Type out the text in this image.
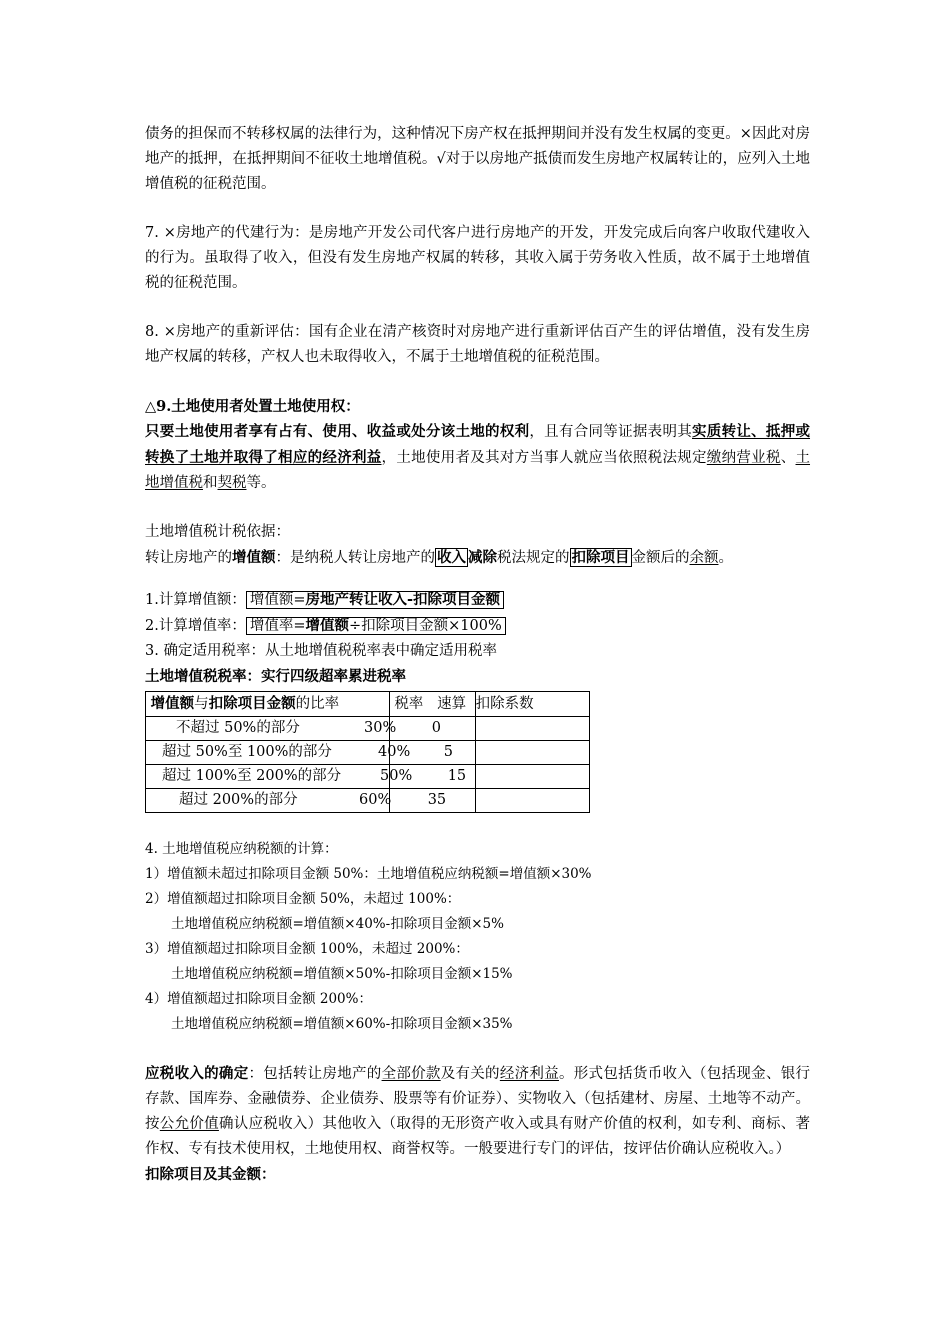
债务的担保而不转移权属的法律行为，这种情况下房产权在抵押期间并没有发生权属的变更。×因此对房地产的抵押，在抵押期间不征收土地增值税。√对于以房地产抵债而发生房地产权属转让的，应列入土地增值税的征税范围。

7. ×房地产的代建行为：是房地产开发公司代客户进行房地产的开发，开发完成后向客户收取代建收入的行为。虽取得了收入，但没有发生房地产权属的转移，其收入属于劳务收入性质，故不属于土地增值税的征税范围。

8. ×房地产的重新评估：国有企业在清产核资时对房地产进行重新评估百产生的评估增值，没有发生房地产权属的转移，产权人也未取得收入，不属于土地增值税的征税范围。

△9.土地使用者处置土地使用权：

只要土地使用者享有占有、使用、收益或处分该土地的权利，且有合同等证据表明其实质转让、抵押或转换了土地并取得了相应的经济利益，土地使用者及其对方当事人就应当依照税法规定缴纳营业税、土地增值税和契税等。

土地增值税计税依据：

转让房地产的增值额：是纳税人转让房地产的 收入 减除税法规定的 扣除项目 金额后的余额。

1.计算增值额： 增值额=房地产转让收入-扣除项目金额

2.计算增值率： 增值率=增值额÷扣除项目金额×100%

3. 确定适用税率：从土地增值税税率表中确定适用税率

土地增值税税率：实行四级超率累进税率

增值额与扣除项目金额的比率	税率 速算	扣除系数
不超过 50%的部分 30%	0	
超过 50%至 100%的部分 40%	5	
超过 100%至 200%的部分 50%	15	
超过 200%的部分 60%	35	

4. 土地增值税应纳税额的计算：

1）增值额未超过扣除项目金额 50%：土地增值税应纳税额=增值额×30%

2）增值额超过扣除项目金额 50%，未超过 100%：

土地增值税应纳税额=增值额×40%-扣除项目金额×5%

3）增值额超过扣除项目金额 100%，未超过 200%：

土地增值税应纳税额=增值额×50%-扣除项目金额×15%

4）增值额超过扣除项目金额 200%：

土地增值税应纳税额=增值额×60%-扣除项目金额×35%

应税收入的确定：包括转让房地产的全部价款及有关的经济利益。形式包括货币收入（包括现金、银行存款、国库券、金融债券、企业债券、股票等有价证券）、实物收入（包括建材、房屋、土地等不动产。按公允价值确认应税收入）其他收入（取得的无形资产收入或具有财产价值的权利，如专利、商标、著作权、专有技术使用权，土地使用权、商誉权等。一般要进行专门的评估，按评估价确认应税收入。）

扣除项目及其金额：
